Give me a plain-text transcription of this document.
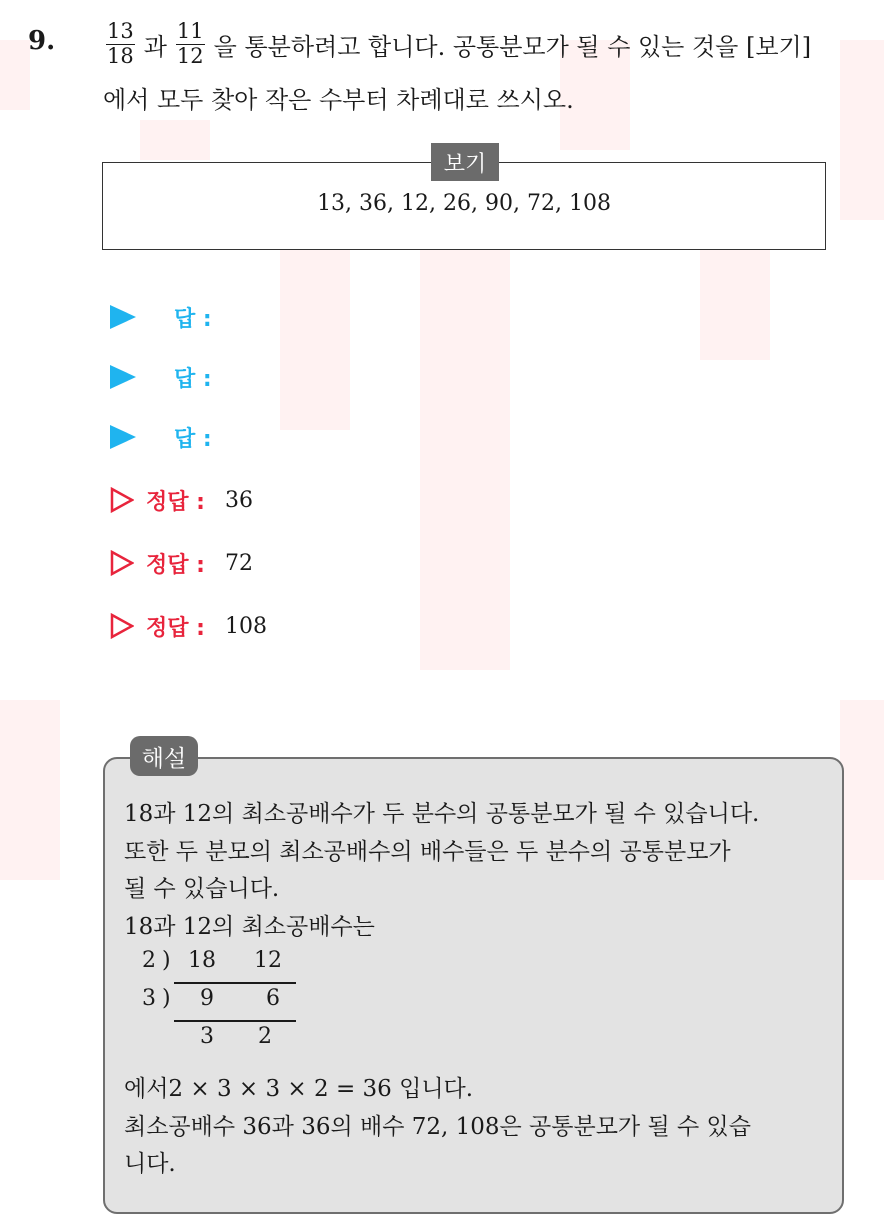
9. $\frac{13}{18}$ 과 $\frac{11}{12}$ 을 통분하려고 합니다. 공통분모가 될 수 있는 것을 [보기]
에서 모두 찾아 작은 수부터 차례대로 쓰시오.
13, 36, 12, 26, 90, 72, 108
보기
답 :
답 :
답 :
정답 : 36
정답 : 72
정답 : 108
해설
18과 12의 최소공배수가 두 분수의 공통분모가 될 수 있습니다.
또한 두 분모의 최소공배수의 배수들은 두 분수의 공통분모가
될 수 있습니다.
18과 12의 최소공배수는
2 ) 18 12
3 ) 9 6
3 2
에서2 × 3 × 3 × 2 = 36 입니다.
최소공배수 36과 36의 배수 72, 108은 공통분모가 될 수 있습
니다.
